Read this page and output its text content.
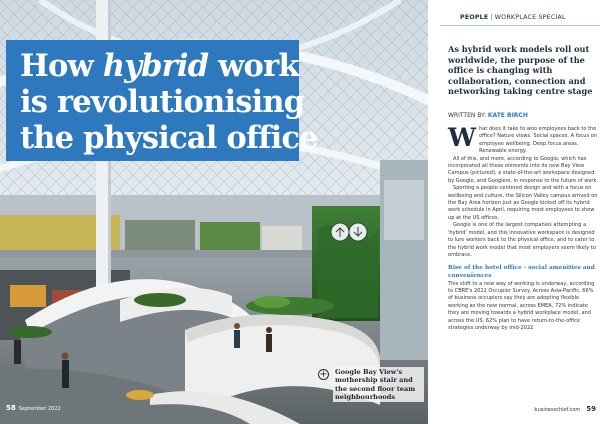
How hybrid work
is revolutionising
the physical office
+	Google Bay View's mothership stair and the second floor team neighbourhoods

58 September 2022
PEOPLE | WORKPLACE SPECIAL

As hybrid work models roll out worldwide, the purpose of the office is changing with collaboration, connection and networking taking centre stage

WRITTEN BY: KATE BIRCH

What does it take to woo employees back to the office? Nature views. Social spaces. A focus on employee wellbeing. Deep focus areas. Renewable energy.

All of this, and more, according to Google, which has incorporated all these elements into its new Bay View Campus (pictured), a state-of-the-art workspace designed by Google, and Googlers, in response to the future of work.

Sporting a people-centered design and with a focus on wellbeing and culture, the Silicon Valley campus arrived on the Bay Area horizon just as Google kicked off its hybrid work schedule in April, requiring most employees to show up at the US offices.

Google is one of the largest companies attempting a 'hybrid' model, and this innovative workspace is designed to lure workers back to the physical office, and to cater to the hybrid work model that most employers seem likely to embrace.

Rise of the hotel office - social amenities and conveniences

This shift to a new way of working is underway, according to CBRE's 2022 Occupier Survey. Across Asia-Pacific, 66% of business occupiers say they are adopting flexible working as the new normal, across EMEA, 72% indicate they are moving towards a hybrid workplace model, and across the US, 62% plan to have return-to-the-office strategies underway by mid-2022

businesschief.com 59
